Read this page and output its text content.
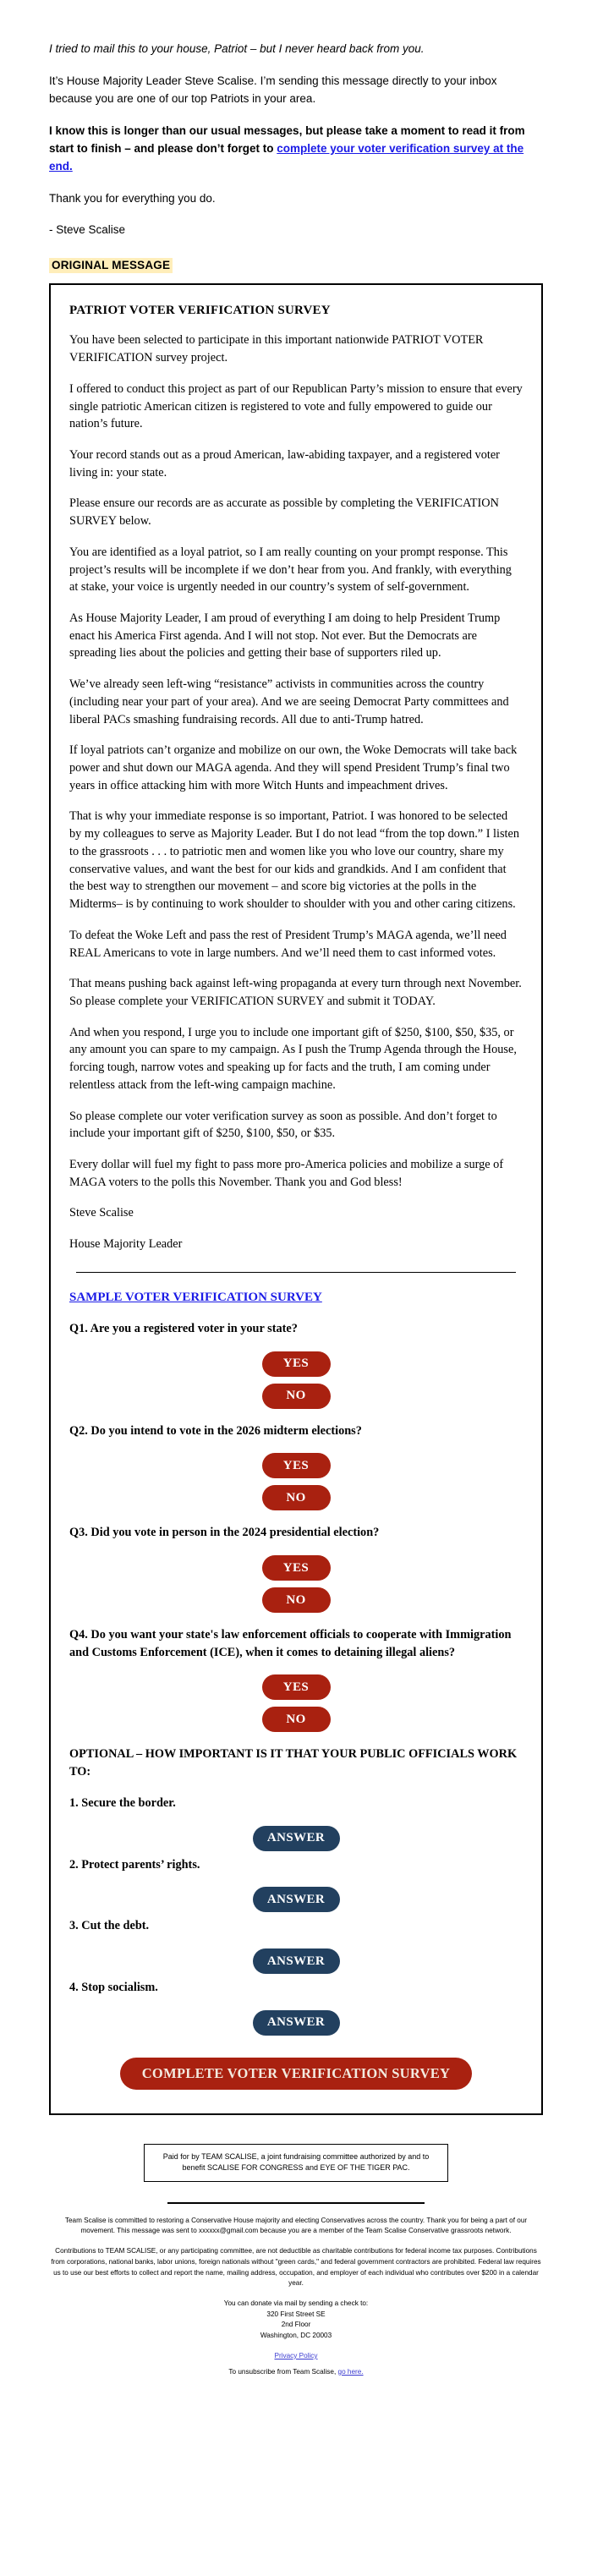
I tried to mail this to your house, Patriot – but I never heard back from you.

It’s House Majority Leader Steve Scalise. I’m sending this message directly to your inbox because you are one of our top Patriots in your area.

I know this is longer than our usual messages, but please take a moment to read it from start to finish – and please don’t forget to complete your voter verification survey at the end.

Thank you for everything you do.

- Steve Scalise

ORIGINAL MESSAGE
PATRIOT VOTER VERIFICATION SURVEY

You have been selected to participate in this important nationwide PATRIOT VOTER VERIFICATION survey project.

I offered to conduct this project as part of our Republican Party’s mission to ensure that every single patriotic American citizen is registered to vote and fully empowered to guide our nation’s future.

Your record stands out as a proud American, law-abiding taxpayer, and a registered voter living in: your state.

Please ensure our records are as accurate as possible by completing the VERIFICATION SURVEY below.

You are identified as a loyal patriot, so I am really counting on your prompt response. This project’s results will be incomplete if we don’t hear from you. And frankly, with everything at stake, your voice is urgently needed in our country’s system of self-government.

As House Majority Leader, I am proud of everything I am doing to help President Trump enact his America First agenda. And I will not stop. Not ever. But the Democrats are spreading lies about the policies and getting their base of supporters riled up.

We’ve already seen left-wing “resistance” activists in communities across the country (including near your part of your area). And we are seeing Democrat Party committees and liberal PACs smashing fundraising records. All due to anti-Trump hatred.

If loyal patriots can’t organize and mobilize on our own, the Woke Democrats will take back power and shut down our MAGA agenda. And they will spend President Trump’s final two years in office attacking him with more Witch Hunts and impeachment drives.

That is why your immediate response is so important, Patriot. I was honored to be selected by my colleagues to serve as Majority Leader. But I do not lead “from the top down.” I listen to the grassroots . . . to patriotic men and women like you who love our country, share my conservative values, and want the best for our kids and grandkids. And I am confident that the best way to strengthen our movement – and score big victories at the polls in the Midterms– is by continuing to work shoulder to shoulder with you and other caring citizens.

To defeat the Woke Left and pass the rest of President Trump’s MAGA agenda, we’ll need REAL Americans to vote in large numbers. And we’ll need them to cast informed votes.

That means pushing back against left-wing propaganda at every turn through next November. So please complete your VERIFICATION SURVEY and submit it TODAY.

And when you respond, I urge you to include one important gift of $250, $100, $50, $35, or any amount you can spare to my campaign. As I push the Trump Agenda through the House, forcing tough, narrow votes and speaking up for facts and the truth, I am coming under relentless attack from the left-wing campaign machine.

So please complete our voter verification survey as soon as possible. And don’t forget to include your important gift of $250, $100, $50, or $35.

Every dollar will fuel my fight to pass more pro-America policies and mobilize a surge of MAGA voters to the polls this November. Thank you and God bless!

Steve Scalise

House Majority Leader

SAMPLE VOTER VERIFICATION SURVEY

Q1. Are you a registered voter in your state?

YES
NO

Q2. Do you intend to vote in the 2026 midterm elections?

YES
NO

Q3. Did you vote in person in the 2024 presidential election?

YES
NO

Q4. Do you want your state's law enforcement officials to cooperate with Immigration and Customs Enforcement (ICE), when it comes to detaining illegal aliens?

YES
NO

OPTIONAL – HOW IMPORTANT IS IT THAT YOUR PUBLIC OFFICIALS WORK TO:

1. Secure the border.

ANSWER

2. Protect parents’ rights.

ANSWER

3. Cut the debt.

ANSWER

4. Stop socialism.

ANSWER
COMPLETE VOTER VERIFICATION SURVEY
Paid for by TEAM SCALISE, a joint fundraising committee authorized by and to benefit SCALISE FOR CONGRESS and EYE OF THE TIGER PAC.

Team Scalise is committed to restoring a Conservative House majority and electing Conservatives across the country. Thank you for being a part of our movement. This message was sent to xxxxxx@gmail.com because you are a member of the Team Scalise Conservative grassroots network.

Contributions to TEAM SCALISE, or any participating committee, are not deductible as charitable contributions for federal income tax purposes. Contributions from corporations, national banks, labor unions, foreign nationals without "green cards," and federal government contractors are prohibited. Federal law requires us to use our best efforts to collect and report the name, mailing address, occupation, and employer of each individual who contributes over $200 in a calendar year.

You can donate via mail by sending a check to:

320 First Street SE

2nd Floor

Washington, DC 20003

Privacy Policy

To unsubscribe from Team Scalise, go here.
